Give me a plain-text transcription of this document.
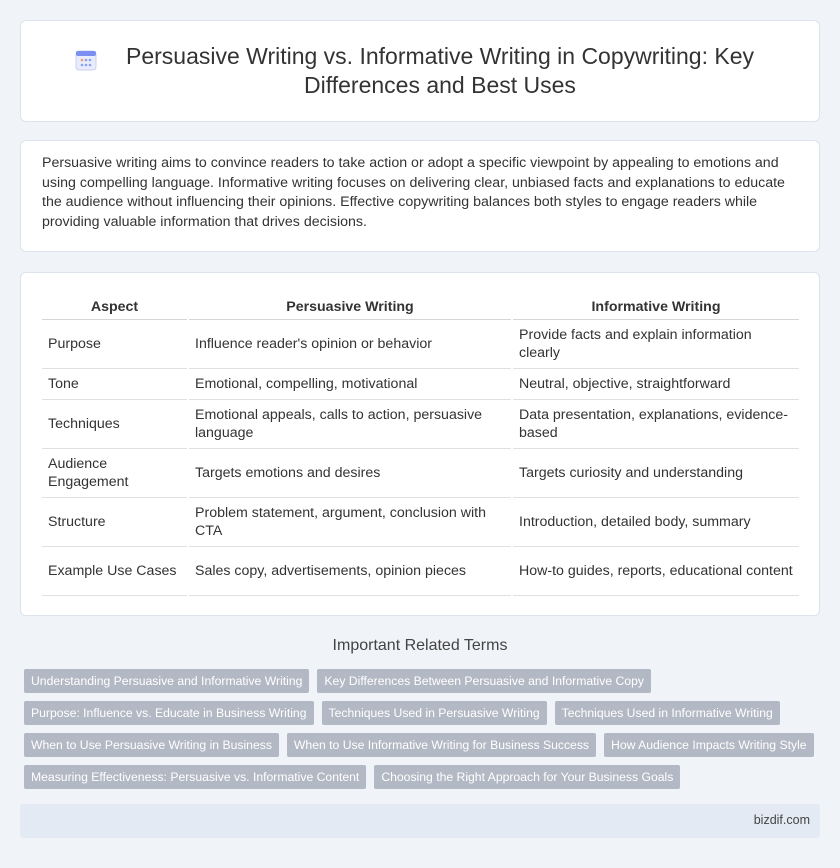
Persuasive Writing vs. Informative Writing in Copywriting: Key Differences and Best Uses

Persuasive writing aims to convince readers to take action or adopt a specific viewpoint by appealing to emotions and using compelling language. Informative writing focuses on delivering clear, unbiased facts and explanations to educate the audience without influencing their opinions. Effective copywriting balances both styles to engage readers while providing valuable information that drives decisions.

Aspect	Persuasive Writing	Informative Writing
Purpose	Influence reader's opinion or behavior	Provide facts and explain information clearly
Tone	Emotional, compelling, motivational	Neutral, objective, straightforward
Techniques	Emotional appeals, calls to action, persuasive language	Data presentation, explanations, evidence-based
Audience Engagement	Targets emotions and desires	Targets curiosity and understanding
Structure	Problem statement, argument, conclusion with CTA	Introduction, detailed body, summary
Example Use Cases	Sales copy, advertisements, opinion pieces	How-to guides, reports, educational content
Important Related Terms
Understanding Persuasive and Informative Writing	Key Differences Between Persuasive and Informative Copy
Purpose: Influence vs. Educate in Business Writing	Techniques Used in Persuasive Writing	Techniques Used in Informative Writing
When to Use Persuasive Writing in Business	When to Use Informative Writing for Business Success	How Audience Impacts Writing Style
Measuring Effectiveness: Persuasive vs. Informative Content	Choosing the Right Approach for Your Business Goals
bizdif.com
